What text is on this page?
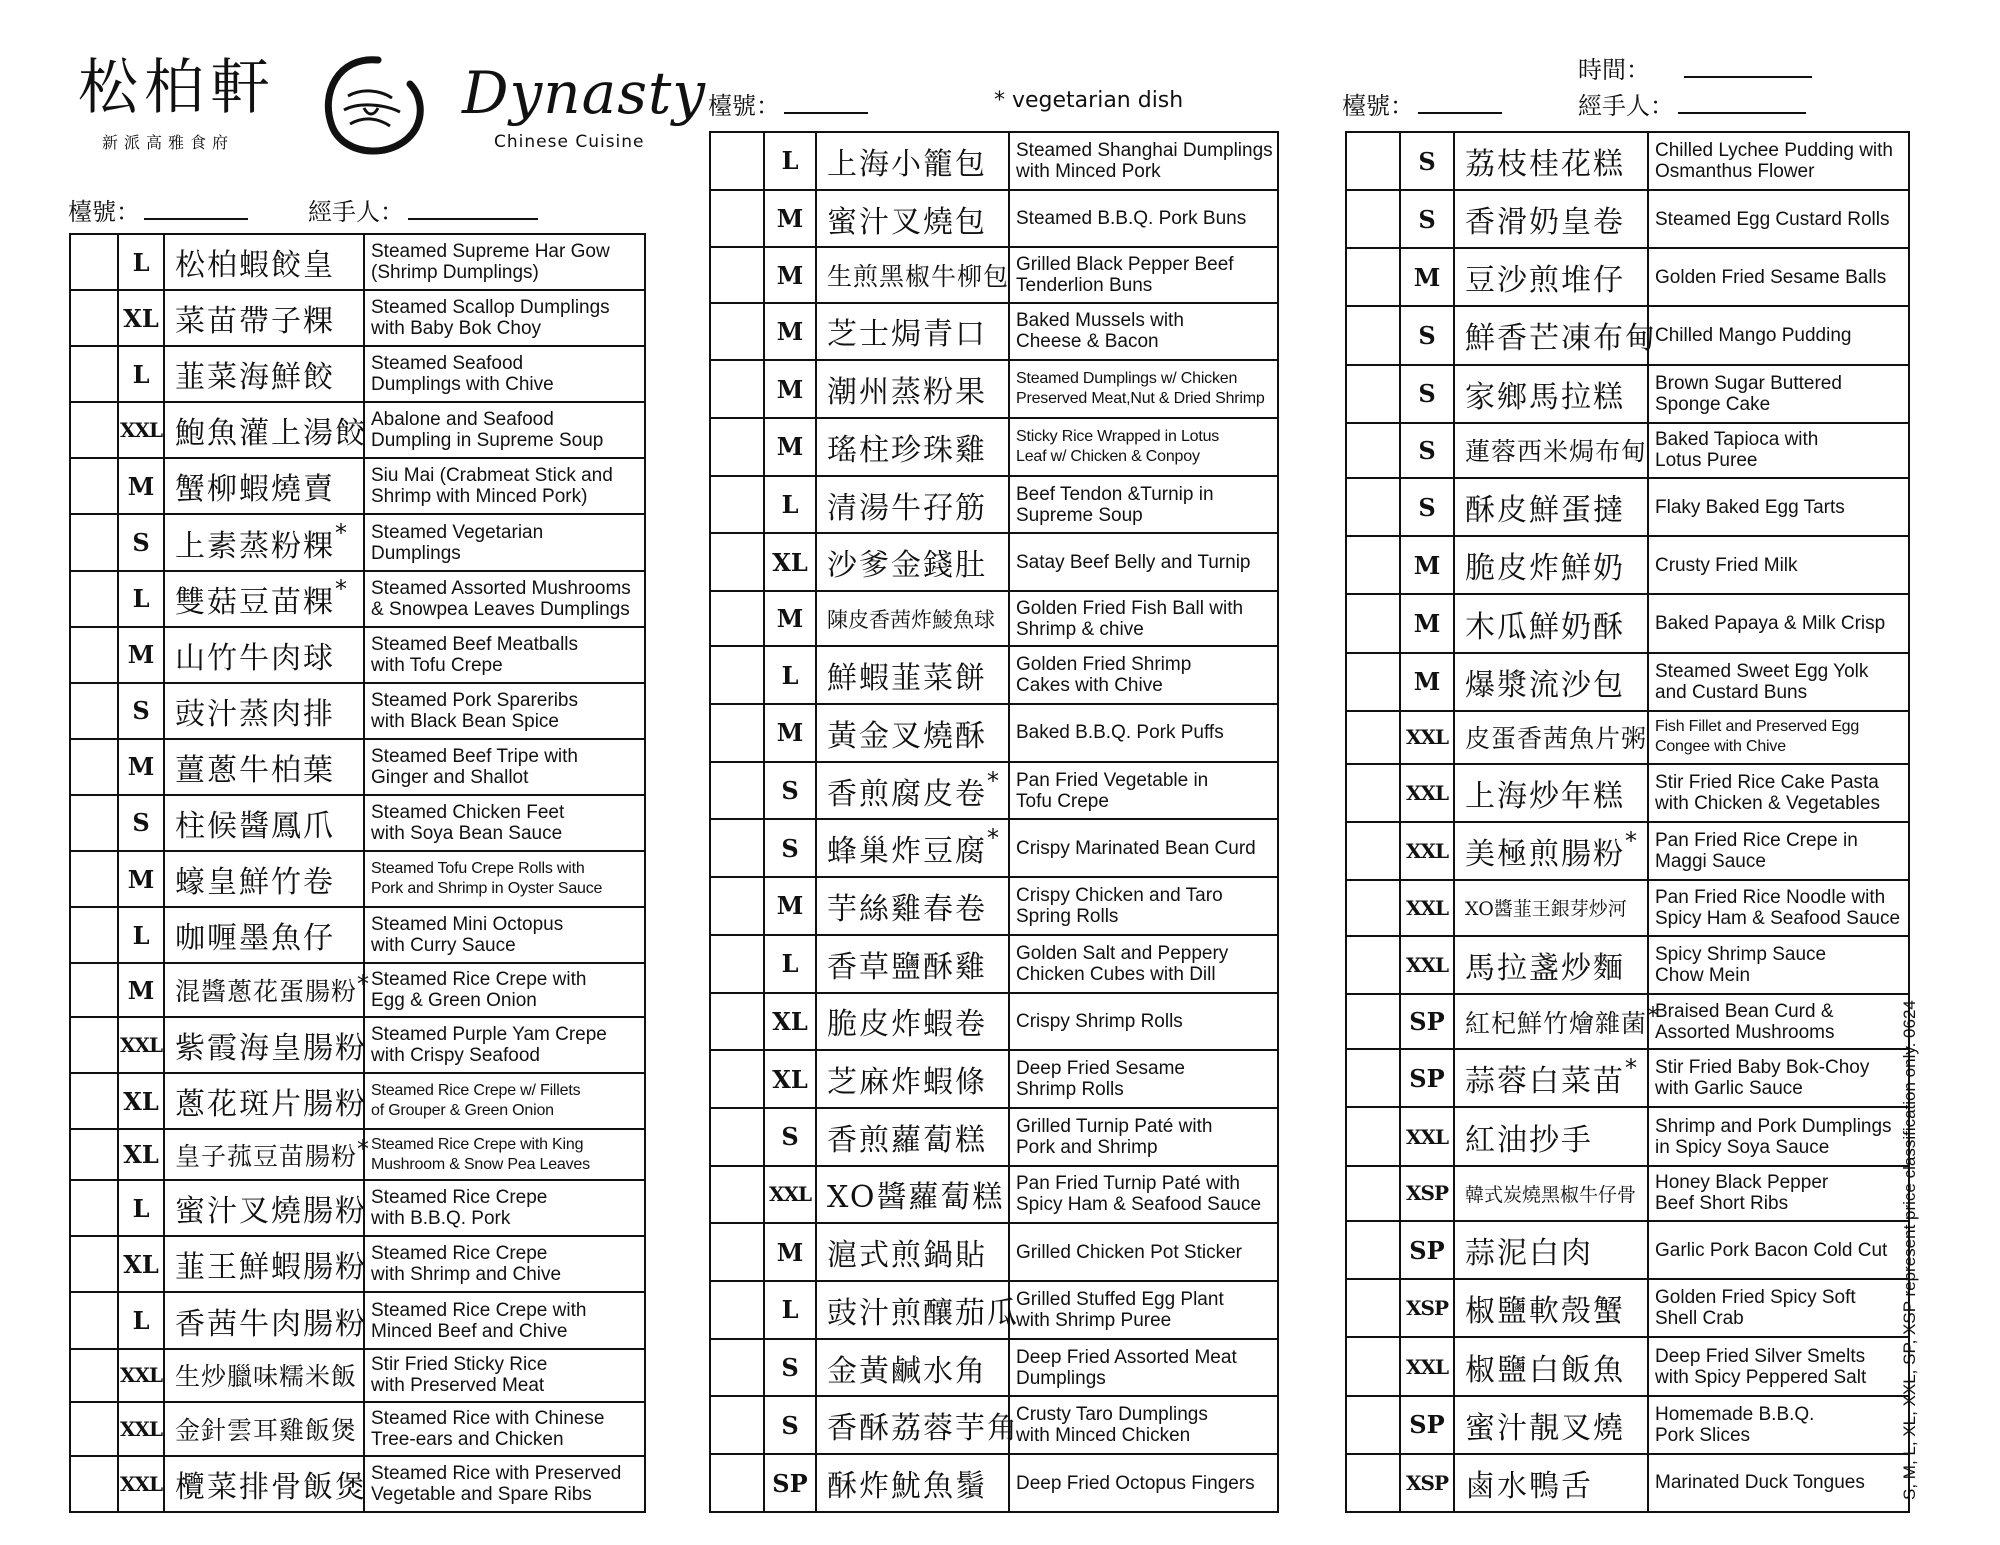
松柏軒
新派高雅食府
Dynasty
Chinese Cuisine
檯號：	經手人：
檯號：	* vegetarian dish
時間：
檯號：	經手人：
	L	松柏蝦餃皇	Steamed Supreme Har Gow
(Shrimp Dumplings)

	XL	菜苗帶子粿	Steamed Scallop Dumplings
with Baby Bok Choy

	L	韮菜海鮮餃	Steamed Seafood
Dumplings with Chive

	XXL	鮑魚灌上湯餃	Abalone and Seafood
Dumpling in Supreme Soup

	M	蟹柳蝦燒賣	Siu Mai (Crabmeat Stick and
Shrimp with Minced Pork)

	S	上素蒸粉粿*	Steamed Vegetarian
Dumplings

	L	雙菇豆苗粿*	Steamed Assorted Mushrooms
& Snowpea Leaves Dumplings

	M	山竹牛肉球	Steamed Beef Meatballs
with Tofu Crepe

	S	豉汁蒸肉排	Steamed Pork Spareribs
with Black Bean Spice

	M	薑蔥牛柏葉	Steamed Beef Tripe with
Ginger and Shallot

	S	柱候醬鳳爪	Steamed Chicken Feet
with Soya Bean Sauce

	M	蠔皇鮮竹卷	Steamed Tofu Crepe Rolls with
Pork and Shrimp in Oyster Sauce

	L	咖喱墨魚仔	Steamed Mini Octopus
with Curry Sauce

	M	混醬蔥花蛋腸粉*	Steamed Rice Crepe with
Egg & Green Onion

	XXL	紫霞海皇腸粉	Steamed Purple Yam Crepe
with Crispy Seafood

	XL	蔥花斑片腸粉	Steamed Rice Crepe w/ Fillets
of Grouper & Green Onion

	XL	皇子菰豆苗腸粉*	Steamed Rice Crepe with King
Mushroom & Snow Pea Leaves

	L	蜜汁叉燒腸粉	Steamed Rice Crepe
with B.B.Q. Pork

	XL	韮王鮮蝦腸粉	Steamed Rice Crepe
with Shrimp and Chive

	L	香茜牛肉腸粉	Steamed Rice Crepe with
Minced Beef and Chive

	XXL	生炒臘味糯米飯	Stir Fried Sticky Rice
with Preserved Meat

	XXL	金針雲耳雞飯煲	Steamed Rice with Chinese
Tree-ears and Chicken

	XXL	欖菜排骨飯煲	Steamed Rice with Preserved
Vegetable and Spare Ribs
	L	上海小籠包	Steamed Shanghai Dumplings
with Minced Pork

	M	蜜汁叉燒包	Steamed B.B.Q. Pork Buns

	M	生煎黑椒牛柳包	Grilled Black Pepper Beef
Tenderlion Buns

	M	芝士焗青口	Baked Mussels with
Cheese & Bacon

	M	潮州蒸粉果	Steamed Dumplings w/ Chicken
Preserved Meat,Nut & Dried Shrimp

	M	瑤柱珍珠雞	Sticky Rice Wrapped in Lotus
Leaf w/ Chicken & Conpoy

	L	清湯牛孖筋	Beef Tendon &Turnip in
Supreme Soup

	XL	沙爹金錢肚	Satay Beef Belly and Turnip

	M	陳皮香茜炸鯪魚球	Golden Fried Fish Ball with
Shrimp & chive

	L	鮮蝦韮菜餅	Golden Fried Shrimp
Cakes with Chive

	M	黃金叉燒酥	Baked B.B.Q. Pork Puffs

	S	香煎腐皮卷*	Pan Fried Vegetable in
Tofu Crepe

	S	蜂巢炸豆腐*	Crispy Marinated Bean Curd

	M	芋絲雞春卷	Crispy Chicken and Taro
Spring Rolls

	L	香草鹽酥雞	Golden Salt and Peppery
Chicken Cubes with Dill

	XL	脆皮炸蝦卷	Crispy Shrimp Rolls

	XL	芝麻炸蝦條	Deep Fried Sesame
Shrimp Rolls

	S	香煎蘿蔔糕	Grilled Turnip Paté with
Pork and Shrimp

	XXL	XO醬蘿蔔糕	Pan Fried Turnip Paté with
Spicy Ham & Seafood Sauce

	M	滬式煎鍋貼	Grilled Chicken Pot Sticker

	L	豉汁煎釀茄瓜	Grilled Stuffed Egg Plant
with Shrimp Puree

	S	金黃鹹水角	Deep Fried Assorted Meat
Dumplings

	S	香酥荔蓉芋角	Crusty Taro Dumplings
with Minced Chicken

	SP	酥炸魷魚鬚	Deep Fried Octopus Fingers
	S	荔枝桂花糕	Chilled Lychee Pudding with
Osmanthus Flower

	S	香滑奶皇卷	Steamed Egg Custard Rolls

	M	豆沙煎堆仔	Golden Fried Sesame Balls

	S	鮮香芒凍布甸	Chilled Mango Pudding

	S	家鄉馬拉糕	Brown Sugar Buttered
Sponge Cake

	S	蓮蓉西米焗布甸	Baked Tapioca with
Lotus Puree

	S	酥皮鮮蛋撻	Flaky Baked Egg Tarts

	M	脆皮炸鮮奶	Crusty Fried Milk

	M	木瓜鮮奶酥	Baked Papaya & Milk Crisp

	M	爆漿流沙包	Steamed Sweet Egg Yolk
and Custard Buns

	XXL	皮蛋香茜魚片粥	Fish Fillet and Preserved Egg
Congee with Chive

	XXL	上海炒年糕	Stir Fried Rice Cake Pasta
with Chicken & Vegetables

	XXL	美極煎腸粉*	Pan Fried Rice Crepe in
Maggi Sauce

	XXL	XO醬韮王銀芽炒河	Pan Fried Rice Noodle with
Spicy Ham & Seafood Sauce

	XXL	馬拉盞炒麵	Spicy Shrimp Sauce
Chow Mein

	SP	紅杞鮮竹燴雜菌*	Braised Bean Curd &
Assorted Mushrooms

	SP	蒜蓉白菜苗*	Stir Fried Baby Bok-Choy
with Garlic Sauce

	XXL	紅油抄手	Shrimp and Pork Dumplings
in Spicy Soya Sauce

	XSP	韓式炭燒黑椒牛仔骨	Honey Black Pepper
Beef Short Ribs

	SP	蒜泥白肉	Garlic Pork Bacon Cold Cut

	XSP	椒鹽軟殼蟹	Golden Fried Spicy Soft
Shell Crab

	XXL	椒鹽白飯魚	Deep Fried Silver Smelts
with Spicy Peppered Salt

	SP	蜜汁靚叉燒	Homemade B.B.Q.
Pork Slices

	XSP	鹵水鴨舌	Marinated Duck Tongues	S, M, L, XL, XXL, SP, XSP represent price classification only. 0624
